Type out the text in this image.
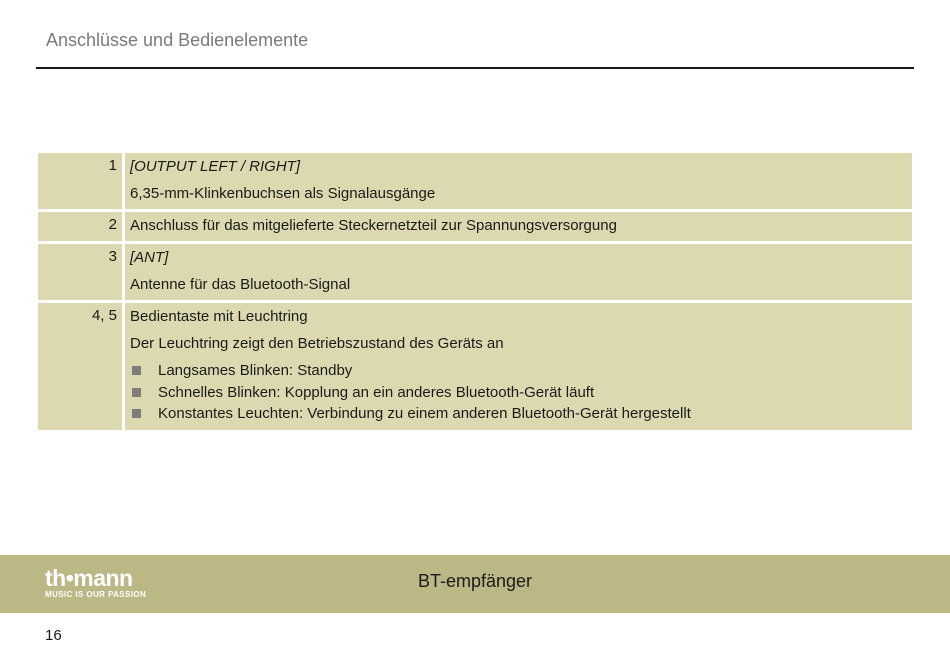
Anschlüsse und Bedienelemente
1 [OUTPUT LEFT / RIGHT]
6,35-mm-Klinkenbuchsen als Signalausgänge
2 Anschluss für das mitgelieferte Steckernetzteil zur Spannungsversorgung
3 [ANT]
Antenne für das Bluetooth-Signal
4, 5 Bedientaste mit Leuchtring
Der Leuchtring zeigt den Betriebszustand des Geräts an
Langsames Blinken: Standby
Schnelles Blinken: Kopplung an ein anderes Bluetooth-Gerät läuft
Konstantes Leuchten: Verbindung zu einem anderen Bluetooth-Gerät hergestellt
th•mann
MUSIC IS OUR PASSION
BT-empfänger
16
